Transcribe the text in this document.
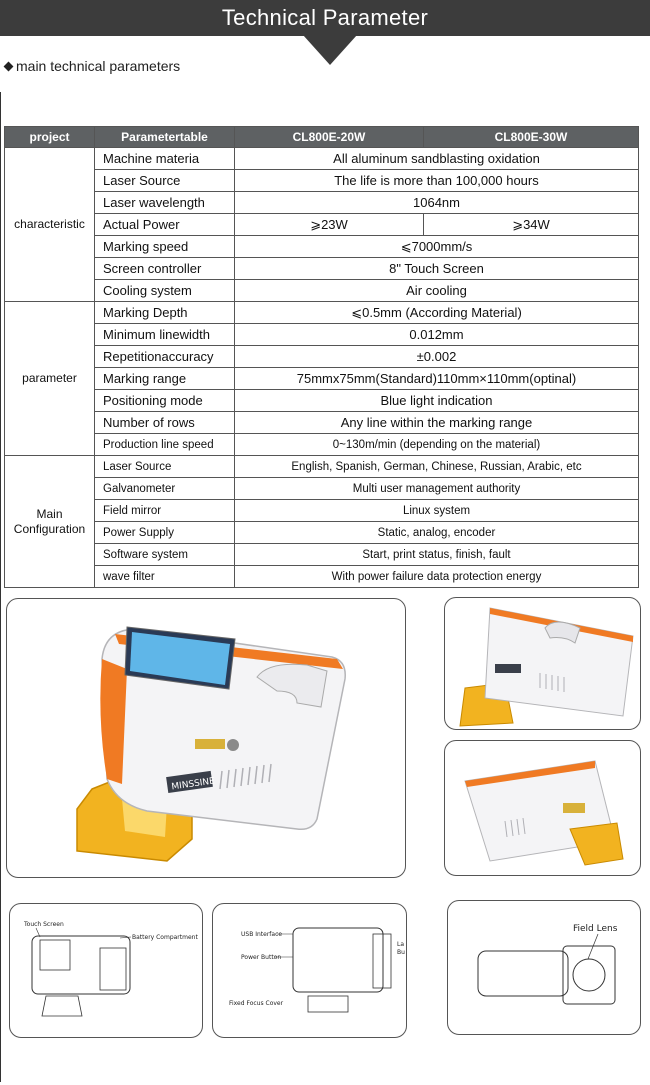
Technical Parameter
main technical parameters
project	Parametertable	CL800E-20W	CL800E-30W
characteristic	Machine materia	All aluminum sandblasting oxidation	
	Laser Source	The life is more than 100,000 hours	
	Laser wavelength	1064nm	
	Actual Power	⩾23W	⩾34W
	Marking speed	⩽7000mm/s	
	Screen controller	8" Touch Screen	
	Cooling system	Air cooling	
parameter	Marking Depth	⩽0.5mm (According Material)	
	Minimum linewidth	0.012mm	
	Repetitionaccuracy	±0.002	
	Marking range	75mmx75mm(Standard)110mm×110mm(optinal)	
	Positioning mode	Blue light indication	
	Number of rows	Any line within the marking range	
	Production line speed	0~130m/min (depending on the material)	
Main Configuration	Laser Source	English, Spanish, German, Chinese, Russian, Arabic, etc	
	Galvanometer	Multi user management authority	
	Field mirror	Linux system	
	Power Supply	Static, analog, encoder	
	Software system	Start, print status, finish, fault	
	wave filter	With power failure data protection energy	
MINSSINE
Touch Screen
Battery Compartment	USB Interface
Power Button
Fixed Focus Cover
La
Bu
Field Lens
